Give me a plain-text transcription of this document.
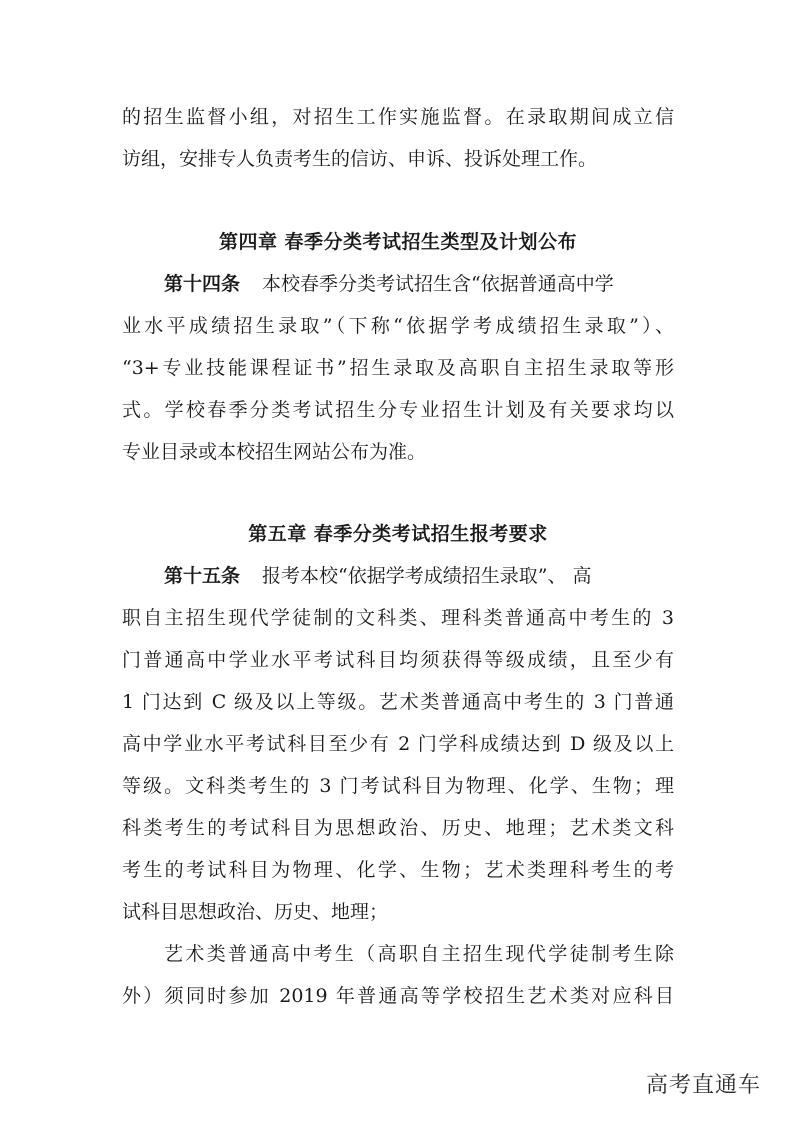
的招生监督小组，对招生工作实施监督。在录取期间成立信
访组，安排专人负责考生的信访、申诉、投诉处理工作。
第四章 春季分类考试招生类型及计划公布
第十四条 本校春季分类考试招生含“依据普通高中学
业水平成绩招生录取”（下称“依据学考成绩招生录取”）、
“3+专业技能课程证书”招生录取及高职自主招生录取等形
式。学校春季分类考试招生分专业招生计划及有关要求均以
专业目录或本校招生网站公布为准。
第五章 春季分类考试招生报考要求
第十五条 报考本校“依据学考成绩招生录取”、 高
职自主招生现代学徒制的文科类、理科类普通高中考生的 3
门普通高中学业水平考试科目均须获得等级成绩，且至少有
1 门达到 C 级及以上等级。艺术类普通高中考生的 3 门普通
高中学业水平考试科目至少有 2 门学科成绩达到 D 级及以上
等级。文科类考生的 3 门考试科目为物理、化学、生物；理
科类考生的考试科目为思想政治、历史、地理；艺术类文科
考生的考试科目为物理、化学、生物；艺术类理科考生的考
试科目思想政治、历史、地理；
艺术类普通高中考生（高职自主招生现代学徒制考生除
外）须同时参加 2019 年普通高等学校招生艺术类对应科目
高考直通车
